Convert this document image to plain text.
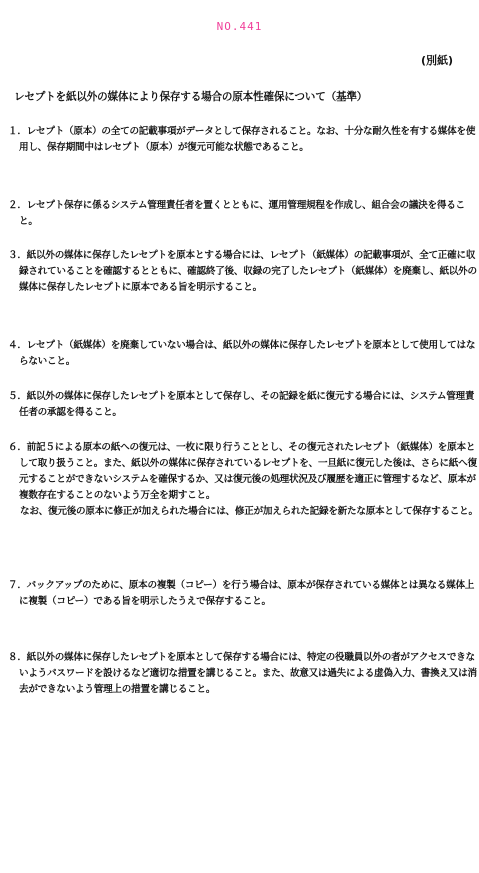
NO.441
(別紙)
レセプトを紙以外の媒体により保存する場合の原本性確保について（基準）
１．レセプト（原本）の全ての記載事項がデータとして保存されること。なお、十分な耐久性を有する媒体を使用し、保存期間中はレセプト（原本）が復元可能な状態であること。
２．レセプト保存に係るシステム管理責任者を置くとともに、運用管理規程を作成し、組合会の議決を得ること。
３．紙以外の媒体に保存したレセプトを原本とする場合には、レセプト（紙媒体）の記載事項が、全て正確に収録されていることを確認するとともに、確認終了後、収録の完了したレセプト（紙媒体）を廃棄し、紙以外の媒体に保存したレセプトに原本である旨を明示すること。
４．レセプト（紙媒体）を廃棄していない場合は、紙以外の媒体に保存したレセプトを原本として使用してはならないこと。
５．紙以外の媒体に保存したレセプトを原本として保存し、その記録を紙に復元する場合には、システム管理責任者の承認を得ること。
６．前記５による原本の紙への復元は、一枚に限り行うこととし、その復元されたレセプト（紙媒体）を原本として取り扱うこと。また、紙以外の媒体に保存されているレセプトを、一旦紙に復元した後は、さらに紙へ復元することができないシステムを確保するか、又は復元後の処理状況及び履歴を適正に管理するなど、原本が複数存在することのないよう万全を期すこと。
なお、復元後の原本に修正が加えられた場合には、修正が加えられた記録を新たな原本として保存すること。
７．バックアップのために、原本の複製（コピー）を行う場合は、原本が保存されている媒体とは異なる媒体上に複製（コピー）である旨を明示したうえで保存すること。
８．紙以外の媒体に保存したレセプトを原本として保存する場合には、特定の役職員以外の者がアクセスできないようパスワードを設けるなど適切な措置を講じること。また、故意又は過失による虚偽入力、書換え又は消去ができないよう管理上の措置を講じること。
